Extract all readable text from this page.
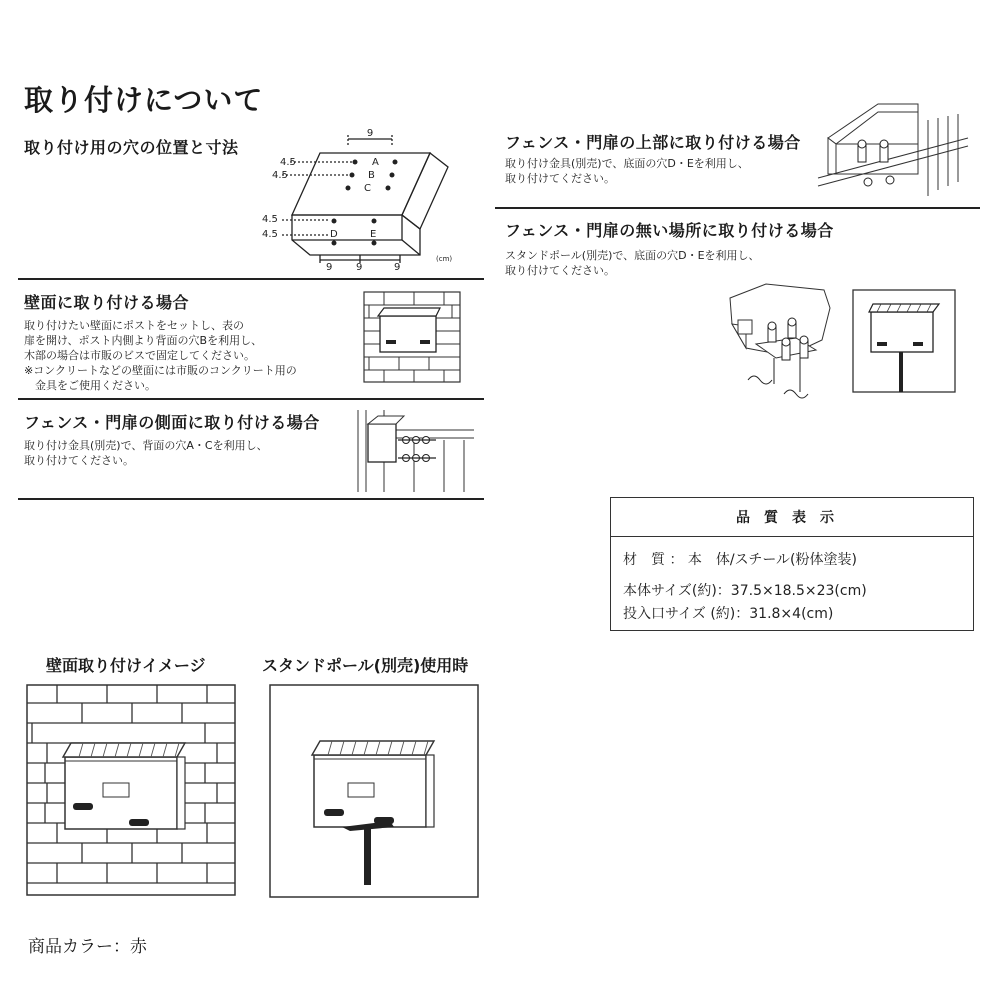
取り付けについて
取り付け用の穴の位置と寸法
9
A
B
C
D	E
4.5
4.5
4.5
4.5
9 9	9
(cm)
壁面に取り付ける場合
取り付けたい壁面にポストをセットし、表の
扉を開け、ポスト内側より背面の穴Bを利用し、
木部の場合は市販のビスで固定してください。
※コンクリートなどの壁面には市販のコンクリート用の
　金具をご使用ください。
フェンス・門扉の側面に取り付ける場合
取り付け金具(別売)で、背面の穴A・Cを利用し、
取り付けてください。
フェンス・門扉の上部に取り付ける場合
取り付け金具(別売)で、底面の穴D・Eを利用し、
取り付けてください。
フェンス・門扉の無い場所に取り付ける場合
スタンドポール(別売)で、底面の穴D・Eを利用し、
取り付けてください。
品質表示
材　質 ： 本　体/スチール(粉体塗装)
本体サイズ(約)：37.5×18.5×23(cm)
投入口サイズ (約)：31.8×4(cm)
壁面取り付けイメージ	スタンドポール(別売)使用時
商品カラー：赤
